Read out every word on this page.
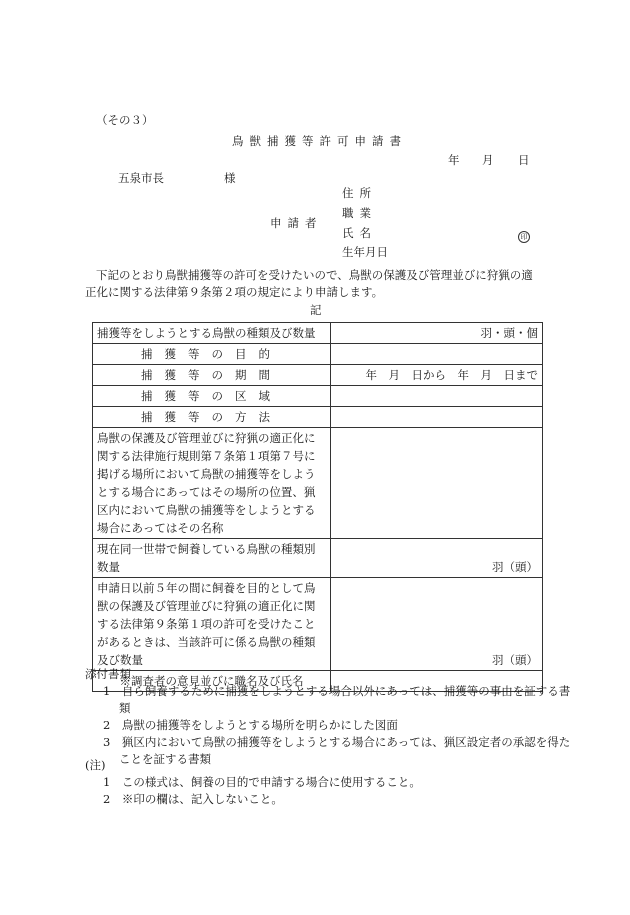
（その３）
鳥獣捕獲等許可申請書
年 月 日
五泉市長	様
申請者
住所
職業
氏名	印
生年月日
下記のとおり鳥獣捕獲等の許可を受けたいので、鳥獣の保護及び管理並びに狩猟の適
正化に関する法律第９条第２項の規定により申請します。
記
捕獲等をしようとする鳥獣の種類及び数量	羽・頭・個
捕獲等の目的	
捕獲等の期間	年　月　日から　年　月　日まで
捕獲等の区域	
捕獲等の方法	
鳥獣の保護及び管理並びに狩猟の適正化に関する法律施行規則第７条第１項第７号に掲げる場所において鳥獣の捕獲等をしようとする場合にあってはその場所の位置、猟区内において鳥獣の捕獲等をしようとする場合にあってはその名称	
現在同一世帯で飼養している鳥獣の種類別数量	羽（頭）
申請日以前５年の間に飼養を目的として鳥獣の保護及び管理並びに狩猟の適正化に関する法律第９条第１項の許可を受けたことがあるときは、当該許可に係る鳥獣の種類及び数量	羽（頭）
※調査者の意見並びに職名及び氏名	
添付書類
1　自ら飼養するために捕獲をしようとする場合以外にあっては、捕獲等の事由を証する書類
2　鳥獣の捕獲等をしようとする場所を明らかにした図面
3　猟区内において鳥獣の捕獲等をしようとする場合にあっては、猟区設定者の承認を得たことを証する書類
(注)
1　この様式は、飼養の目的で申請する場合に使用すること。
2　※印の欄は、記入しないこと。
